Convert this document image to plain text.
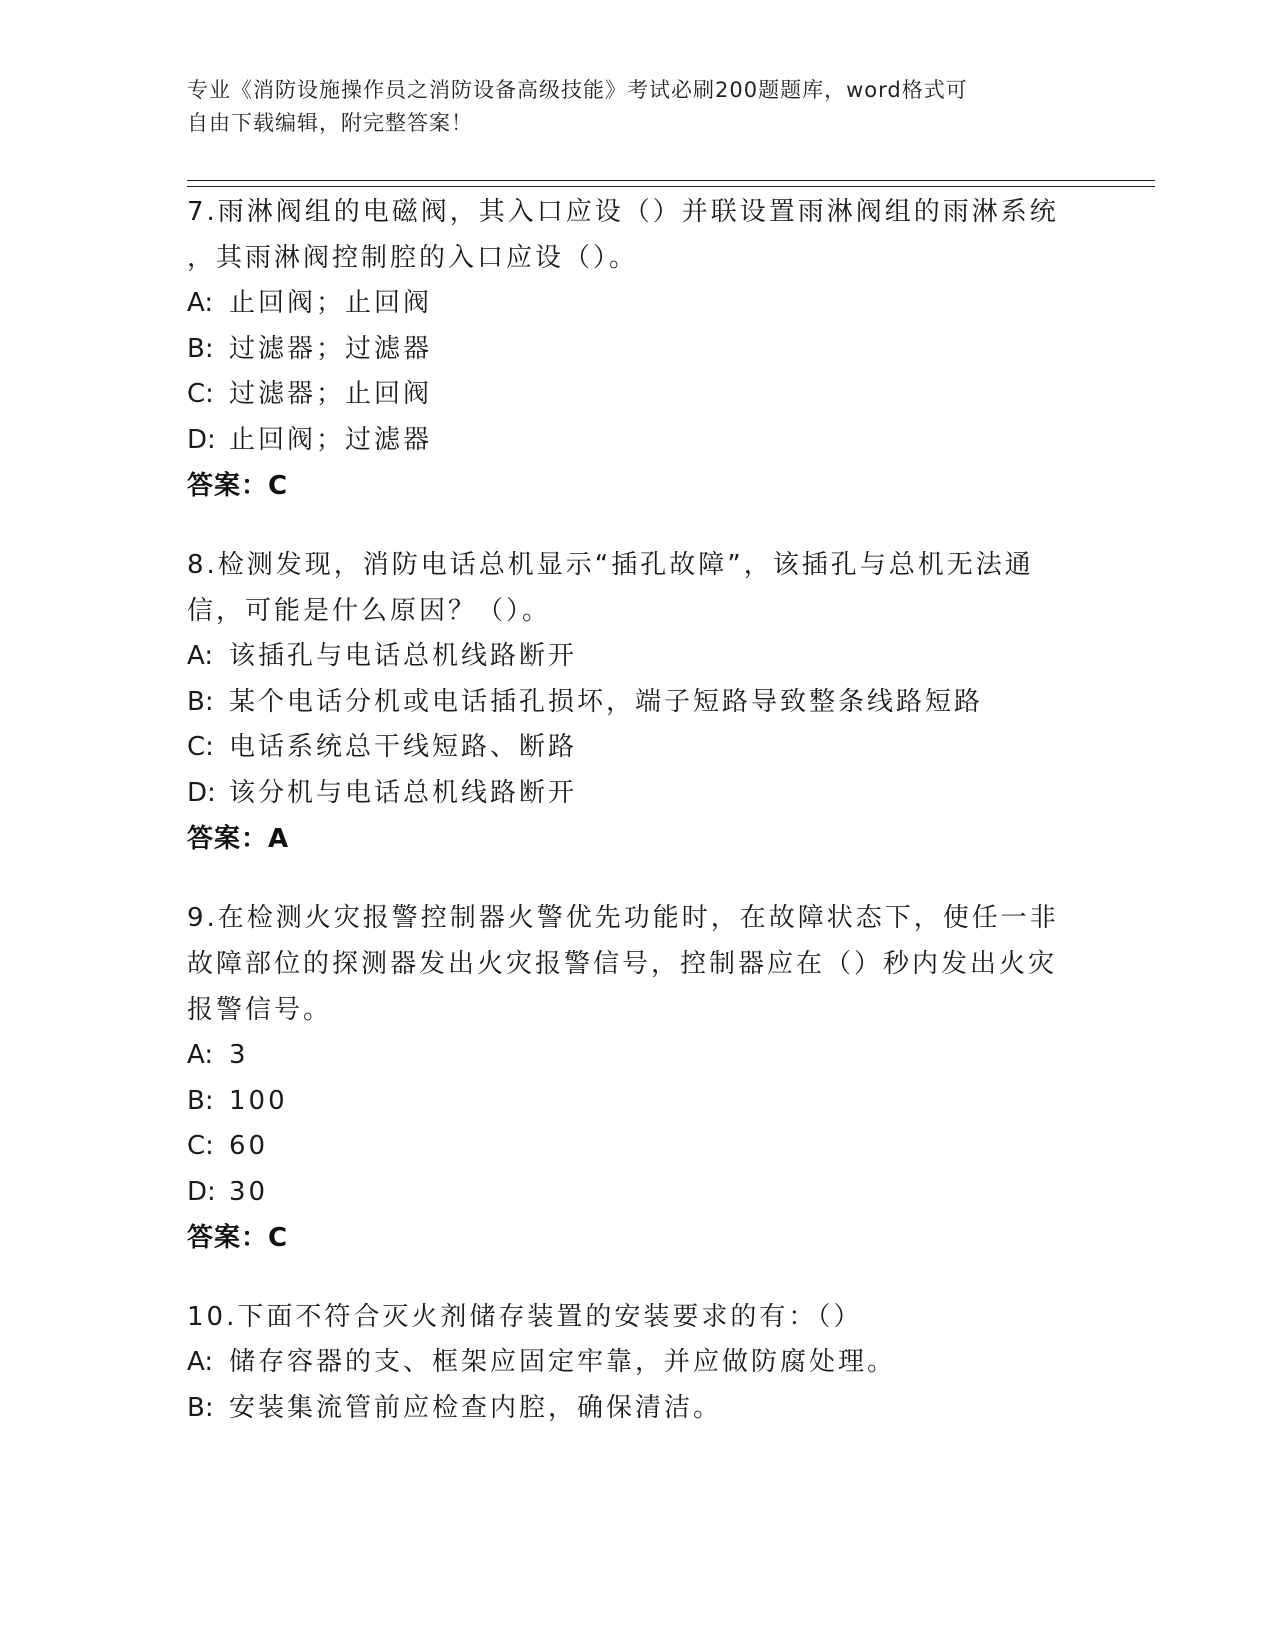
专业《消防设施操作员之消防设备高级技能》考试必刷200题题库，word格式可
自由下载编辑，附完整答案！
7.雨淋阀组的电磁阀，其入口应设（）并联设置雨淋阀组的雨淋系统
，其雨淋阀控制腔的入口应设（）。
A: 止回阀；止回阀
B: 过滤器；过滤器
C: 过滤器；止回阀
D: 止回阀；过滤器
答案：C
8.检测发现，消防电话总机显示“插孔故障”，该插孔与总机无法通
信，可能是什么原因？（）。
A: 该插孔与电话总机线路断开
B: 某个电话分机或电话插孔损坏，端子短路导致整条线路短路
C: 电话系统总干线短路、断路
D: 该分机与电话总机线路断开
答案：A
9.在检测火灾报警控制器火警优先功能时，在故障状态下，使任一非
故障部位的探测器发出火灾报警信号，控制器应在（）秒内发出火灾
报警信号。
A: 3
B: 100
C: 60
D: 30
答案：C
10.下面不符合灭火剂储存装置的安装要求的有：（）
A: 储存容器的支、框架应固定牢靠，并应做防腐处理。
B: 安装集流管前应检查内腔，确保清洁。
